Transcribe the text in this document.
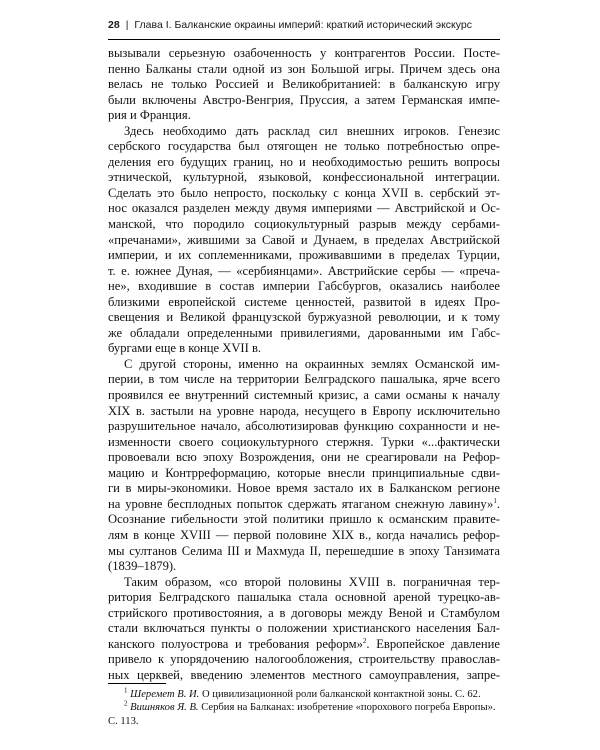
28 | Глава I. Балканские окраины империй: краткий исторический экскурс

вызывали серьезную озабоченность у контрагентов России. Посте-
пенно Балканы стали одной из зон Большой игры. Причем здесь она
велась не только Россией и Великобританией: в балканскую игру
были включены Австро-Венгрия, Пруссия, а затем Германская импе-
рия и Франция.

Здесь необходимо дать расклад сил внешних игроков. Генезис
сербского государства был отягощен не только потребностью опре-
деления его будущих границ, но и необходимостью решить вопросы
этнической, культурной, языковой, конфессиональной интеграции.
Сделать это было непросто, поскольку с конца XVII в. сербский эт-
нос оказался разделен между двумя империями — Австрийской и Ос-
манской, что породило социокультурный разрыв между сербами-
«пречанами», жившими за Савой и Дунаем, в пределах Австрийской
империи, и их соплеменниками, проживавшими в пределах Турции,
т. е. южнее Дуная, — «сербиянцами». Австрийские сербы — «пречa-
не», входившие в состав империи Габсбургов, оказались наиболее
близкими европейской системе ценностей, развитой в идеях Про-
свещения и Великой французской буржуазной революции, и к тому
же обладали определенными привилегиями, дарованными им Габс-
бургами еще в конце XVII в.

С другой стороны, именно на окраинных землях Османской им-
перии, в том числе на территории Белградского пашалыка, ярче всего
проявился ее внутренний системный кризис, а сами османы к началу
XIX в. застыли на уровне народа, несущего в Европу исключительно
разрушительное начало, абсолютизировав функцию сохранности и не-
изменности своего социокультурного стержня. Турки «...фактически
провоевали всю эпоху Возрождения, они не среагировали на Рефор-
мацию и Контрреформацию, которые внесли принципиальные сдви-
ги в миры-экономики. Новое время застало их в Балканском регионе
на уровне бесплодных попыток сдержать ятаганом снежную лавину»$^1$.
Осознание гибельности этой политики пришло к османским правите-
лям в конце XVIII — первой половине XIX в., когда начались рефор-
мы султанов Селима III и Махмуда II, перешедшие в эпоху Танзимата
(1839–1879).

Таким образом, «со второй половины XVIII в. пограничная тер-
ритория Белградского пашалыка стала основной ареной турецко-ав-
стрийского противостояния, а в договоры между Веной и Стамбулом
стали включаться пункты о положении христианского населения Бал-
канского полуострова и требования реформ»$^2$. Европейское давление
привело к упорядочению налогообложения, строительству правослaв-
ных церквей, введению элементов местного самоуправления, запре-

$^1$ Шеремет В. И. О цивилизационной роли балканской контактной зоны. С. 62.

$^2$ Вишняков Я. В. Сербия на Балканах: изобретение «порохового погреба Европы».
С. 113.
